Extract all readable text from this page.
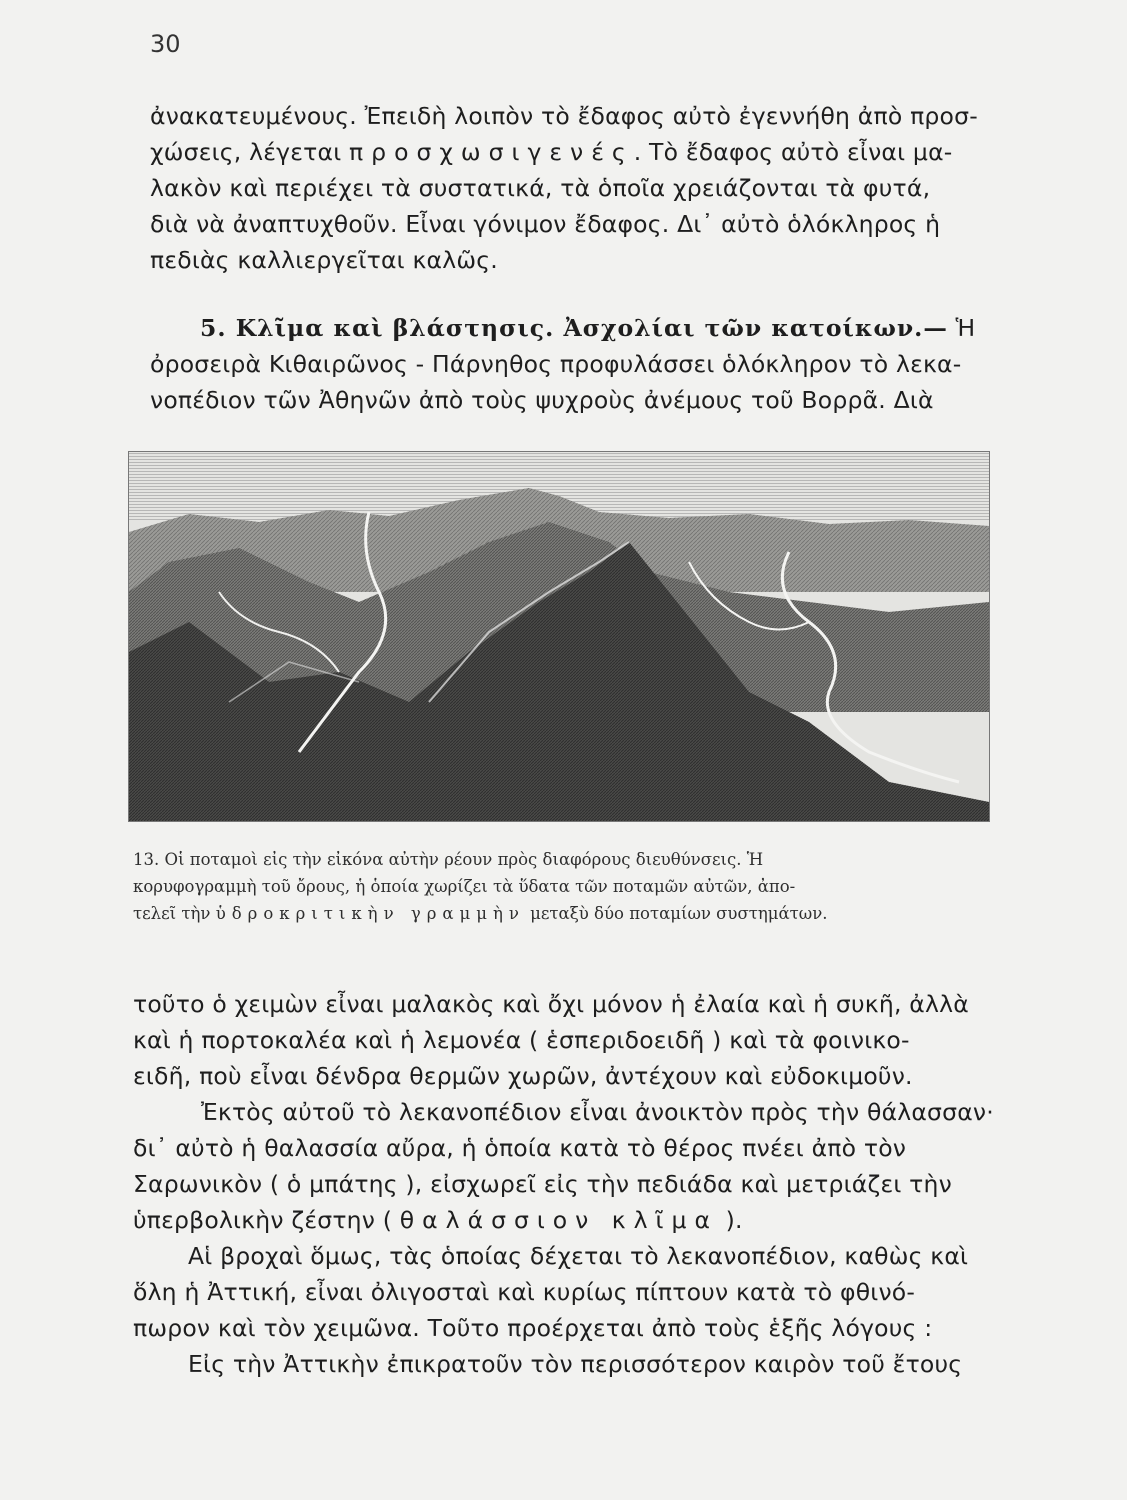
30
ἀνακατευμένους. Ἐπειδὴ λοιπὸν τὸ ἔδαφος αὐτὸ ἐγεννήθη ἀπὸ προσ-
χώσεις, λέγεται προσχωσιγενές. Τὸ ἔδαφος αὐτὸ εἶναι μα-
λακὸν καὶ περιέχει τὰ συστατικά, τὰ ὁποῖα χρειάζονται τὰ φυτά,
διὰ νὰ ἀναπτυχθοῦν. Εἶναι γόνιμον ἔδαφος. Δι᾽ αὐτὸ ὁλόκληρος ἡ
πεδιὰς καλλιεργεῖται καλῶς.
5. Κλῖμα καὶ βλάστησις. Ἀσχολίαι τῶν κατοίκων.— Ἡ
ὀροσειρὰ Κιθαιρῶνος - Πάρνηθος προφυλάσσει ὁλόκληρον τὸ λεκα-
νοπέδιον τῶν Ἀθηνῶν ἀπὸ τοὺς ψυχροὺς ἀνέμους τοῦ Βορρᾶ. Διὰ
13. Οἱ ποταμοὶ εἰς τὴν εἰκόνα αὐτὴν ρέουν πρὸς διαφόρους διευθύνσεις. Ἡ
κορυφογραμμὴ τοῦ ὄρους, ἡ ὁποία χωρίζει τὰ ὕδατα τῶν ποταμῶν αὐτῶν, ἀπο-
τελεῖ τὴν ὑδροκριτικὴν γραμμὴν μεταξὺ δύο ποταμίων συστημάτων.
τοῦτο ὁ χειμὼν εἶναι μαλακὸς καὶ ὄχι μόνον ἡ ἐλαία καὶ ἡ συκῆ, ἀλλὰ
καὶ ἡ πορτοκαλέα καὶ ἡ λεμονέα ( ἑσπεριδοειδῆ ) καὶ τὰ φοινικο-
ειδῆ, ποὺ εἶναι δένδρα θερμῶν χωρῶν, ἀντέχουν καὶ εὐδοκιμοῦν.
Ἐκτὸς αὐτοῦ τὸ λεκανοπέδιον εἶναι ἀνοικτὸν πρὸς τὴν θάλασσαν·
δι᾽ αὐτὸ ἡ θαλασσία αὔρα, ἡ ὁποία κατὰ τὸ θέρος πνέει ἀπὸ τὸν
Σαρωνικὸν ( ὁ μπάτης ), εἰσχωρεῖ εἰς τὴν πεδιάδα καὶ μετριάζει τὴν
ὑπερβολικὴν ζέστην ( θαλάσσιον κλῖμα ).
Αἱ βροχαὶ ὅμως, τὰς ὁποίας δέχεται τὸ λεκανοπέδιον, καθὼς καὶ
ὅλη ἡ Ἀττική, εἶναι ὀλιγοσταὶ καὶ κυρίως πίπτουν κατὰ τὸ φθινό-
πωρον καὶ τὸν χειμῶνα. Τοῦτο προέρχεται ἀπὸ τοὺς ἑξῆς λόγους :
Εἰς τὴν Ἀττικὴν ἐπικρατοῦν τὸν περισσότερον καιρὸν τοῦ ἔτους
